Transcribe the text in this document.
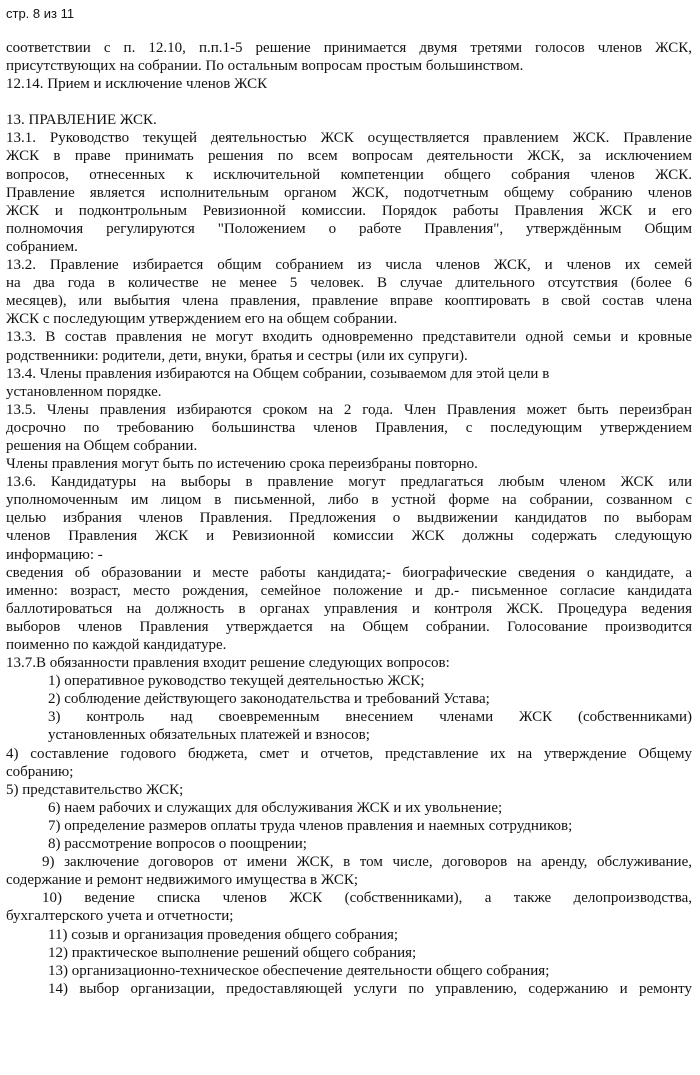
стр. 8 из 11
соответствии с п. 12.10, п.п.1-5 решение принимается двумя третями голосов членов ЖСК,
присутствующих на собрании. По остальным вопросам простым большинством.
12.14. Прием и исключение членов ЖСК
13. ПРАВЛЕНИЕ ЖСК.
13.1. Руководство текущей деятельностью ЖСК осуществляется правлением ЖСК. Правление
ЖСК в праве принимать решения по всем вопросам деятельности ЖСК, за исключением
вопросов, отнесенных к исключительной компетенции общего собрания членов ЖСК.
Правление является исполнительным органом ЖСК, подотчетным общему собранию членов
ЖСК и подконтрольным Ревизионной комиссии. Порядок работы Правления ЖСК и его
полномочия регулируются "Положением о работе Правления", утверждённым Общим
собранием.
13.2. Правление избирается общим собранием из числа членов ЖСК, и членов их семей
на два года в количестве не менее 5 человек. В случае длительного отсутствия (более 6
месяцев), или выбытия члена правления, правление вправе кооптировать в свой состав члена
ЖСК с последующим утверждением его на общем собрании.
13.3. В состав правления не могут входить одновременно представители одной семьи и кровные
родственники: родители, дети, внуки, братья и сестры (или их супруги).
13.4. Члены правления избираются на Общем собрании, созываемом для этой цели в
установленном порядке.
13.5. Члены правления избираются сроком на 2 года. Член Правления может быть переизбран
досрочно по требованию большинства членов Правления, с последующим утверждением
решения на Общем собрании.
Члены правления могут быть по истечению срока переизбраны повторно.
13.6. Кандидатуры на выборы в правление могут предлагаться любым членом ЖСК или
уполномоченным им лицом в письменной, либо в устной форме на собрании, созванном с
целью избрания членов Правления. Предложения о выдвижении кандидатов по выборам
членов Правления ЖСК и Ревизионной комиссии ЖСК должны содержать следующую
информацию: -
сведения об образовании и месте работы кандидата;- биографические сведения о кандидате, а
именно: возраст, место рождения, семейное положение и др.- письменное согласие кандидата
баллотироваться на должность в органах управления и контроля ЖСК. Процедура ведения
выборов членов Правления утверждается на Общем собрании. Голосование производится
поименно по каждой кандидатуре.
13.7.В обязанности правления входит решение следующих вопросов:
1) оперативное руководство текущей деятельностью ЖСК;
2) соблюдение действующего законодательства и требований Устава;
3) контроль над своевременным внесением членами ЖСК (собственниками)
установленных обязательных платежей и взносов;
4) составление годового бюджета, смет и отчетов, представление их на утверждение Общему
собранию;
5) представительство ЖСК;
6) наем рабочих и служащих для обслуживания ЖСК и их увольнение;
7) определение размеров оплаты труда членов правления и наемных сотрудников;
8) рассмотрение вопросов о поощрении;
9) заключение договоров от имени ЖСК, в том числе, договоров на аренду, обслуживание,
содержание и ремонт недвижимого имущества в ЖСК;
10) ведение списка членов ЖСК (собственниками), а также делопроизводства,
бухгалтерского учета и отчетности;
11) созыв и организация проведения общего собрания;
12) практическое выполнение решений общего собрания;
13) организационно-техническое обеспечение деятельности общего собрания;
14) выбор организации, предоставляющей услуги по управлению, содержанию и ремонту
